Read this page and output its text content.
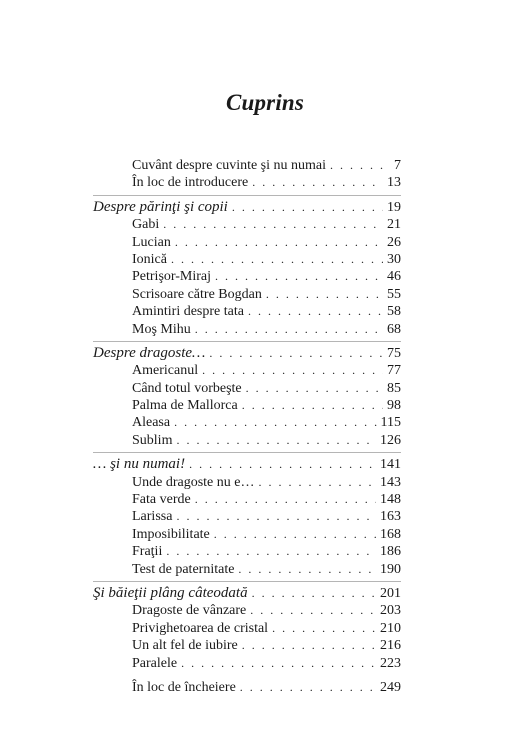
Cuprins
Cuvânt despre cuvinte şi nu numai . . .	7
În loc de introducere . . .	13
Despre părinţi şi copii . . .	19
Gabi . . .	21
Lucian . . .	26
Ionică . . .	30
Petrişor-Miraj . . .	46
Scrisoare către Bogdan . . .	55
Amintiri despre tata . . .	58
Moş Mihu . . .	68
Despre dragoste… . . .	75
Americanul . . .	77
Când totul vorbeşte . . .	85
Palma de Mallorca . . .	98
Aleasa . . .	115
Sublim . . .	126
… şi nu numai! . . .	141
Unde dragoste nu e… . . .	143
Fata verde . . .	148
Larissa . . .	163
Imposibilitate . . .	168
Fraţii . . .	186
Test de paternitate . . .	190
Şi băieţii plâng câteodată . . .	201
Dragoste de vânzare . . .	203
Privighetoarea de cristal . . .	210
Un alt fel de iubire . . .	216
Paralele . . .	223
În loc de încheiere . . .	249
